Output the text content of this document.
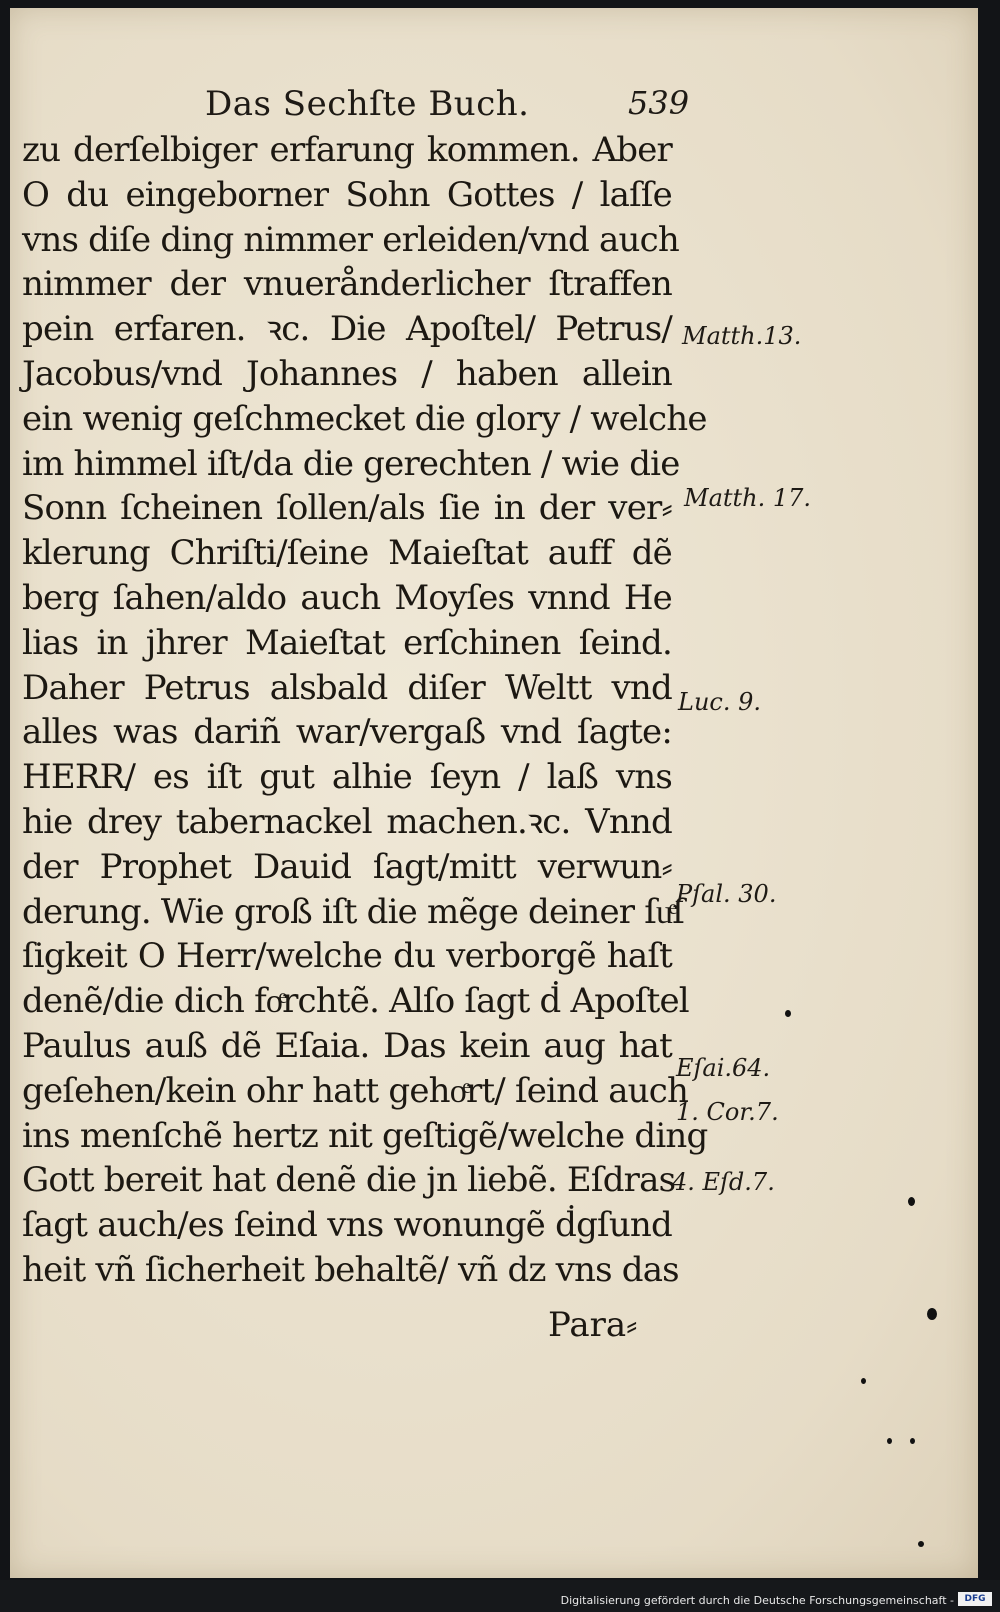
Das Sechſte Buch.	539
zu derſelbiger erfarung kommen. Aber
O du eingeborner Sohn Gottes / laſſe
vns diſe ding nimmer erleiden/vnd auch
nimmer der vnuerånderlicher ſtraffen
pein erfaren. ꝛc. Die Apoſtel/ Petrus/
Jacobus/vnd Johannes / haben allein
ein wenig geſchmecket die glory / welche
im himmel iſt/da die gerechten / wie die
Sonn ſcheinen ſollen/als ſie in der ver⸗
klerung Chriſti/ſeine Maieſtat auff dẽ
berg ſahen/aldo auch Moyſes vnnd He
lias in jhrer Maieſtat erſchinen ſeind.
Daher Petrus alsbald diſer Weltt vnd
alles was dariñ war/vergaß vnd ſagte:
HERR/ es iſt gut alhie ſeyn / laß vns
hie drey tabernackel machen.ꝛc. Vnnd
der Prophet Dauid ſagt/mitt verwun⸗
derung. Wie groß iſt die mẽge deiner ſuͤſ
ſigkeit O Herr/welche du verborgẽ haſt
denẽ/die dich foͤrchtẽ. Alſo ſagt ḋ Apoſtel
Paulus auß dẽ Eſaia. Das kein aug hat
geſehen/kein ohr hatt gehoͤrt/ ſeind auch
ins menſchẽ hertz nit geſtigẽ/welche ding
Gott bereit hat denẽ die jn liebẽ. Eſdras
ſagt auch/es ſeind vns wonungẽ ḋgſund
heit vñ ſicherheit behaltẽ/ vñ dz vns das
Para⸗
Matth.13.
Matth. 17.
Luc. 9.
Pſal. 30.
Eſai.64.
1. Cor.7.
4. Eſd.7.
Digitalisierung gefördert durch die Deutsche Forschungsgemeinschaft -	DFG
